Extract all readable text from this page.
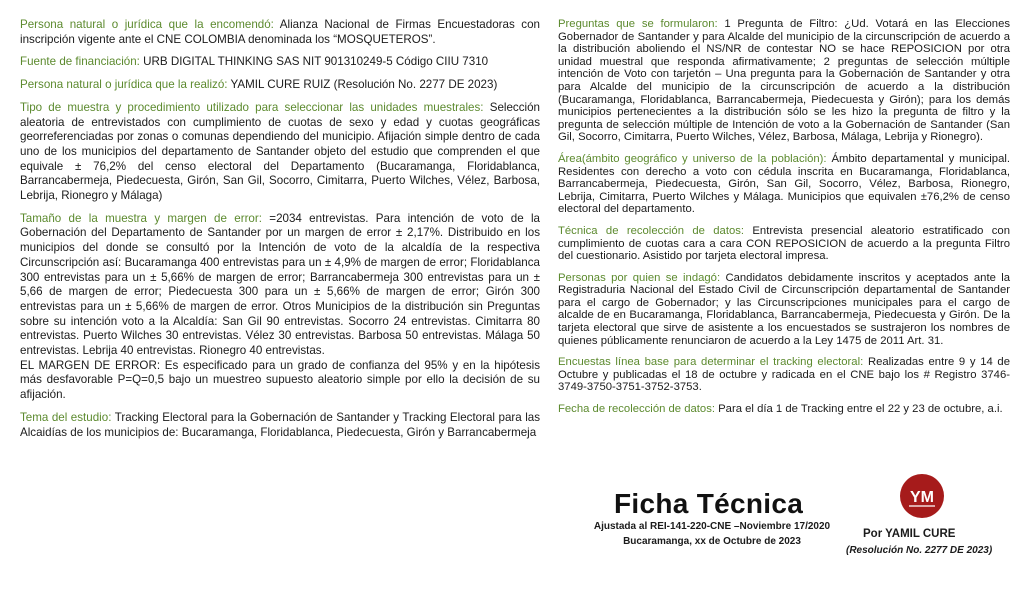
Persona natural o jurídica que la encomendó: Alianza Nacional de Firmas Encuestadoras con inscripción vigente ante el CNE COLOMBIA denominada los “MOSQUETEROS”.

Fuente de financiación: URB DIGITAL THINKING SAS NIT 901310249-5 Código CIIU 7310

Persona natural o jurídica que la realizó: YAMIL CURE RUIZ (Resolución No. 2277 DE 2023)

Tipo de muestra y procedimiento utilizado para seleccionar las unidades muestrales: Selección aleatoria de entrevistados con cumplimiento de cuotas de sexo y edad y cuotas geográficas georreferenciadas por zonas o comunas dependiendo del municipio. Afijación simple dentro de cada uno de los municipios del departamento de Santander objeto del estudio que comprenden el que equivale ± 76,2% del censo electoral del Departamento (Bucaramanga, Floridablanca, Barrancabermeja, Piedecuesta, Girón, San Gil, Socorro, Cimitarra, Puerto Wilches, Vélez, Barbosa, Lebrija, Rionegro y Málaga)

Tamaño de la muestra y margen de error: =2034 entrevistas. Para intención de voto de la Gobernación del Departamento de Santander por un margen de error ± 2,17%. Distribuido en los municipios del donde se consultó por la Intención de voto de la alcaldía de la respectiva Circunscripción así: Bucaramanga 400 entrevistas para un ± 4,9% de margen de error; Floridablanca 300 entrevistas para un ± 5,66% de margen de error; Barrancabermeja 300 entrevistas para un ± 5,66 de margen de error; Piedecuesta 300 para un ± 5,66% de margen de error; Girón 300 entrevistas para un ± 5,66% de margen de error. Otros Municipios de la distribución sin Preguntas sobre su intención voto a la Alcaldía: San Gil 90 entrevistas. Socorro 24 entrevistas. Cimitarra 80 entrevistas. Puerto Wilches 30 entrevistas. Vélez 30 entrevistas. Barbosa 50 entrevistas. Málaga 50 entrevistas. Lebrija 40 entrevistas. Rionegro 40 entrevistas.
EL MARGEN DE ERROR: Es especificado para un grado de confianza del 95% y en la hipótesis más desfavorable P=Q=0,5 bajo un muestreo supuesto aleatorio simple por ello la decisión de su afijación.

Tema del estudio: Tracking Electoral para la Gobernación de Santander y Tracking Electoral para las Alcaidías de los municipios de: Bucaramanga, Floridablanca, Piedecuesta, Girón y Barrancabermeja

Preguntas que se formularon: 1 Pregunta de Filtro: ¿Ud. Votará en las Elecciones Gobernador de Santander y para Alcalde del municipio de la circunscripción de acuerdo a la distribución aboliendo el NS/NR de contestar NO se hace REPOSICION por otra unidad muestral que responda afirmativamente; 2 preguntas de selección múltiple intención de Voto con tarjetón – Una pregunta para la Gobernación de Santander y otra para Alcalde del municipio de la circunscripción de acuerdo a la distribución (Bucaramanga, Floridablanca, Barrancabermeja, Piedecuesta y Girón); para los demás municipios pertenecientes a la distribución sólo se les hizo la pregunta de filtro y la pregunta de selección múltiple de Intención de voto a la Gobernación de Santander (San Gil, Socorro, Cimitarra, Puerto Wilches, Vélez, Barbosa, Málaga, Lebrija y Rionegro).

Área(ámbito geográfico y universo de la población): Ámbito departamental y municipal. Residentes con derecho a voto con cédula inscrita en Bucaramanga, Floridablanca, Barrancabermeja, Piedecuesta, Girón, San Gil, Socorro, Vélez, Barbosa, Rionegro, Lebrija, Cimitarra, Puerto Wilches y Málaga. Municipios que equivalen ±76,2% de censo electoral del departamento.

Técnica de recolección de datos: Entrevista presencial aleatorio estratificado con cumplimiento de cuotas cara a cara CON REPOSICION de acuerdo a la pregunta Filtro del cuestionario. Asistido por tarjeta electoral impresa.

Personas por quien se indagó: Candidatos debidamente inscritos y aceptados ante la Registraduria Nacional del Estado Civil de Circunscripción departamental de Santander para el cargo de Gobernador; y las Circunscripciones municipales para el cargo de alcalde de en Bucaramanga, Floridablanca, Barrancabermeja, Piedecuesta y Girón. De la tarjeta electoral que sirve de asistente a los encuestados se sustrajeron los nombres de quienes públicamente renunciaron de acuerdo a la Ley 1475 de 2011 Art. 31.

Encuestas línea base para determinar el tracking electoral: Realizadas entre 9 y 14 de Octubre y publicadas el 18 de octubre y radicada en el CNE bajo los # Registro 3746-3749-3750-3751-3752-3753.

Fecha de recolección de datos: Para el día 1 de Tracking entre el 22 y 23 de octubre, a.i.

Ficha Técnica
Ajustada al REI-141-220-CNE –Noviembre 17/2020
Bucaramanga, xx de Octubre de 2023
YM
Por YAMIL CURE
(Resolución No. 2277 DE 2023)
